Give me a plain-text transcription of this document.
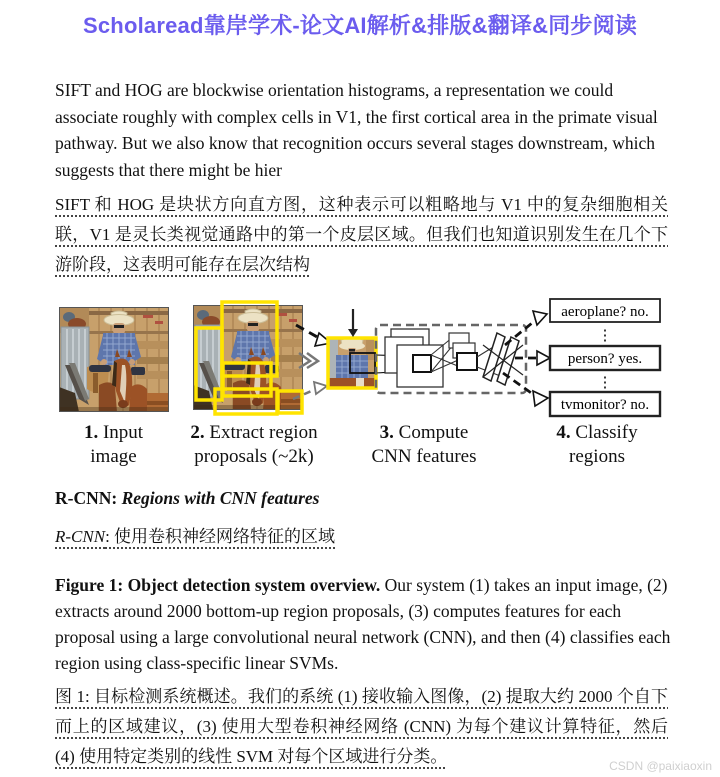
Scholaread靠岸学术-论文AI解析&排版&翻译&同步阅读

SIFT and HOG are blockwise orientation histograms, a representation we could associate roughly with complex cells in V1, the first cortical area in the primate visual pathway. But we also know that recognition occurs several stages downstream, which suggests that there might be hier

SIFT 和 HOG 是块状方向直方图，这种表示可以粗略地与 V1 中的复杂细胞相关联，V1 是灵长类视觉通路中的第一个皮层区域。但我们也知道识别发生在几个下游阶段，这表明可能存在层次结构

aeroplane? no.
⋮
person? yes.
⋮
tvmonitor? no.
1. Input
image
2. Extract region
proposals (~2k)
3. Compute
CNN features
4. Classify
regions

R-CNN: Regions with CNN features

R-CNN: 使用卷积神经网络特征的区域

Figure 1: Object detection system overview. Our system (1) takes an input image, (2) extracts around 2000 bottom-up region proposals, (3) computes features for each proposal using a large convolutional neural network (CNN), and then (4) classifies each region using class-specific linear SVMs.

图 1: 目标检测系统概述。我们的系统 (1) 接收输入图像，(2) 提取大约 2000 个自下而上的区域建议，(3) 使用大型卷积神经网络 (CNN) 为每个建议计算特征，然后 (4) 使用特定类别的线性 SVM 对每个区域进行分类。	CSDN @paixiaoxin
